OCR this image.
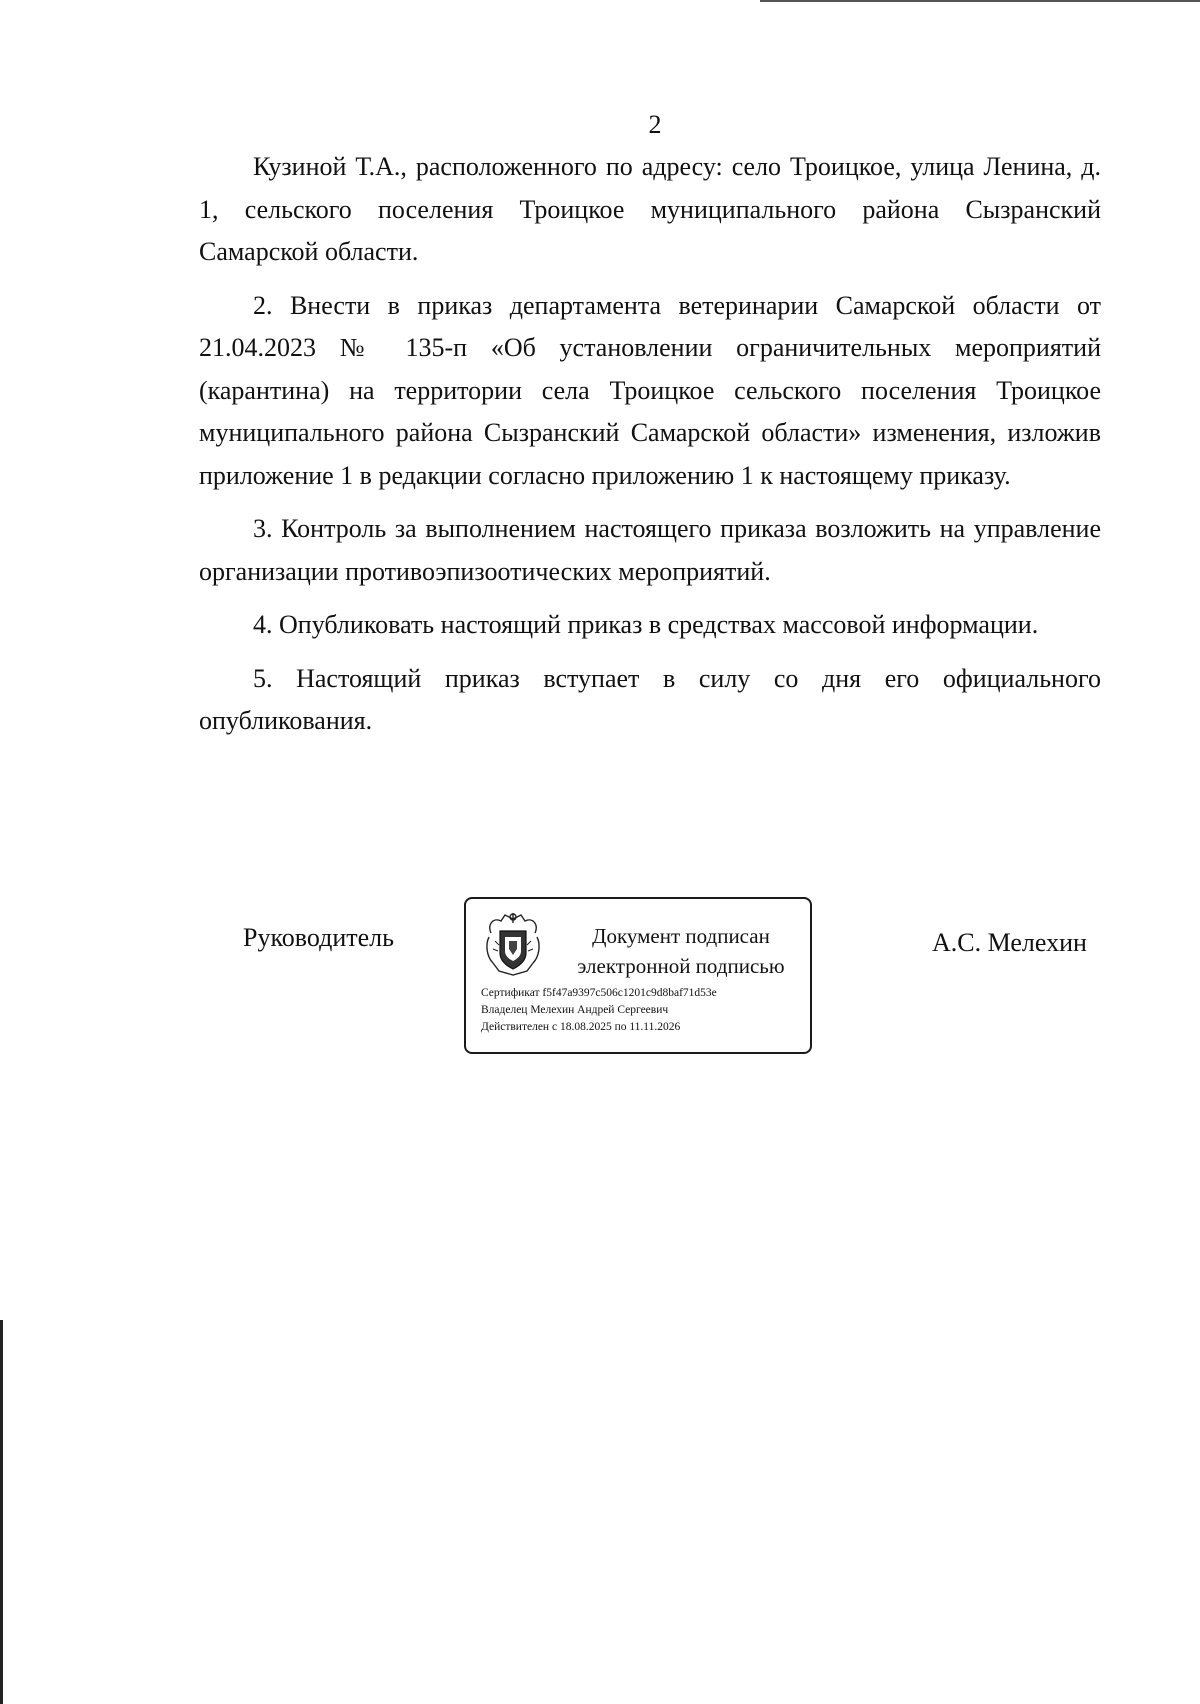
2

Кузиной Т.А., расположенного по адресу: село Троицкое, улица Ленина, д. 1, сельского поселения Троицкое муниципального района Сызранский Самарской области.

2. Внести в приказ департамента ветеринарии Самарской области от 21.04.2023 № 135-п «Об установлении ограничительных мероприятий (карантина) на территории села Троицкое сельского поселения Троицкое муниципального района Сызранский Самарской области» изменения, изложив приложение 1 в редакции согласно приложению 1 к настоящему приказу.

3. Контроль за выполнением настоящего приказа возложить на управление организации противоэпизоотических мероприятий.

4. Опубликовать настоящий приказ в средствах массовой информации.

5. Настоящий приказ вступает в силу со дня его официального опубликования.

Руководитель	Документ подписан
электронной подписью
Сертификат f5f47a9397c506c1201c9d8baf71d53e
Владелец Мелехин Андрей Сергеевич
Действителен с 18.08.2025 по 11.11.2026
А.С. Мелехин
